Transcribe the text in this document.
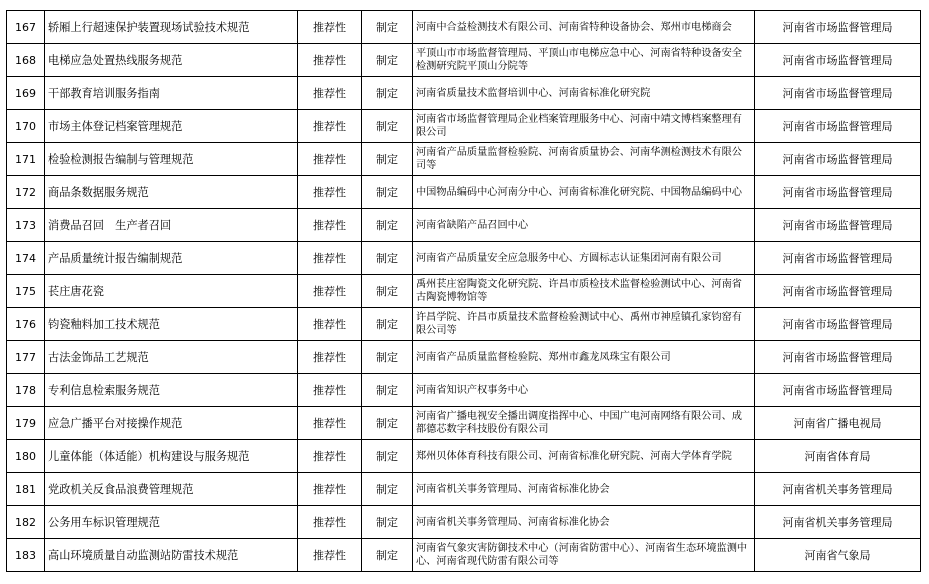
167	轿厢上行超速保护装置现场试验技术规范	推荐性	制定	河南中合益检测技术有限公司、河南省特种设备协会、郑州市电梯商会	河南省市场监督管理局
168	电梯应急处置热线服务规范	推荐性	制定	平顶山市市场监督管理局、平顶山市电梯应急中心、河南省特种设备安全检测研究院平顶山分院等	河南省市场监督管理局
169	干部教育培训服务指南	推荐性	制定	河南省质量技术监督培训中心、河南省标准化研究院	河南省市场监督管理局
170	市场主体登记档案管理规范	推荐性	制定	河南省市场监督管理局企业档案管理服务中心、河南中靖文博档案整理有限公司	河南省市场监督管理局
171	检验检测报告编制与管理规范	推荐性	制定	河南省产品质量监督检验院、河南省质量协会、河南华测检测技术有限公司等	河南省市场监督管理局
172	商品条数据服务规范	推荐性	制定	中国物品编码中心河南分中心、河南省标准化研究院、中国物品编码中心	河南省市场监督管理局
173	消费品召回　生产者召回	推荐性	制定	河南省缺陷产品召回中心	河南省市场监督管理局
174	产品质量统计报告编制规范	推荐性	制定	河南省产品质量安全应急服务中心、方圆标志认证集团河南有限公司	河南省市场监督管理局
175	苌庄唐花瓷	推荐性	制定	禹州苌庄窑陶瓷文化研究院、许昌市质检技术监督检验测试中心、河南省古陶瓷博物馆等	河南省市场监督管理局
176	钧瓷釉料加工技术规范	推荐性	制定	许昌学院、许昌市质量技术监督检验测试中心、禹州市神垕镇孔家钧窑有限公司等	河南省市场监督管理局
177	古法金饰品工艺规范	推荐性	制定	河南省产品质量监督检验院、郑州市鑫龙凤珠宝有限公司	河南省市场监督管理局
178	专利信息检索服务规范	推荐性	制定	河南省知识产权事务中心	河南省市场监督管理局
179	应急广播平台对接操作规范	推荐性	制定	河南省广播电视安全播出调度指挥中心、中国广电河南网络有限公司、成都德芯数字科技股份有限公司	河南省广播电视局
180	儿童体能（体适能）机构建设与服务规范	推荐性	制定	郑州贝体体育科技有限公司、河南省标准化研究院、河南大学体育学院	河南省体育局
181	党政机关反食品浪费管理规范	推荐性	制定	河南省机关事务管理局、河南省标准化协会	河南省机关事务管理局
182	公务用车标识管理规范	推荐性	制定	河南省机关事务管理局、河南省标准化协会	河南省机关事务管理局
183	高山环境质量自动监测站防雷技术规范	推荐性	制定	河南省气象灾害防御技术中心（河南省防雷中心）、河南省生态环境监测中心、河南省现代防雷有限公司等	河南省气象局
